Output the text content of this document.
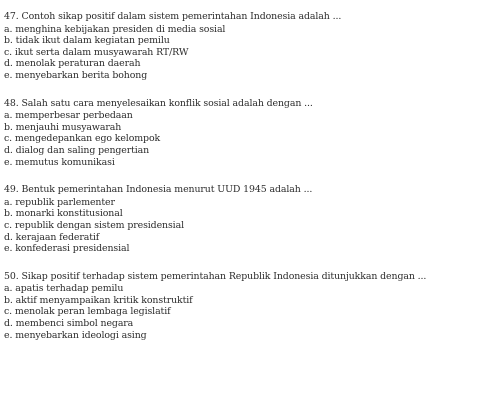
47. Contoh sikap positif dalam sistem pemerintahan Indonesia adalah ...
a. menghina kebijakan presiden di media sosial
b. tidak ikut dalam kegiatan pemilu
c. ikut serta dalam musyawarah RT/RW
d. menolak peraturan daerah
e. menyebarkan berita bohong
48. Salah satu cara menyelesaikan konflik sosial adalah dengan ...
a. memperbesar perbedaan
b. menjauhi musyawarah
c. mengedepankan ego kelompok
d. dialog dan saling pengertian
e. memutus komunikasi
49. Bentuk pemerintahan Indonesia menurut UUD 1945 adalah ...
a. republik parlementer
b. monarki konstitusional
c. republik dengan sistem presidensial
d. kerajaan federatif
e. konfederasi presidensial
50. Sikap positif terhadap sistem pemerintahan Republik Indonesia ditunjukkan dengan ...
a. apatis terhadap pemilu
b. aktif menyampaikan kritik konstruktif
c. menolak peran lembaga legislatif
d. membenci simbol negara
e. menyebarkan ideologi asing
